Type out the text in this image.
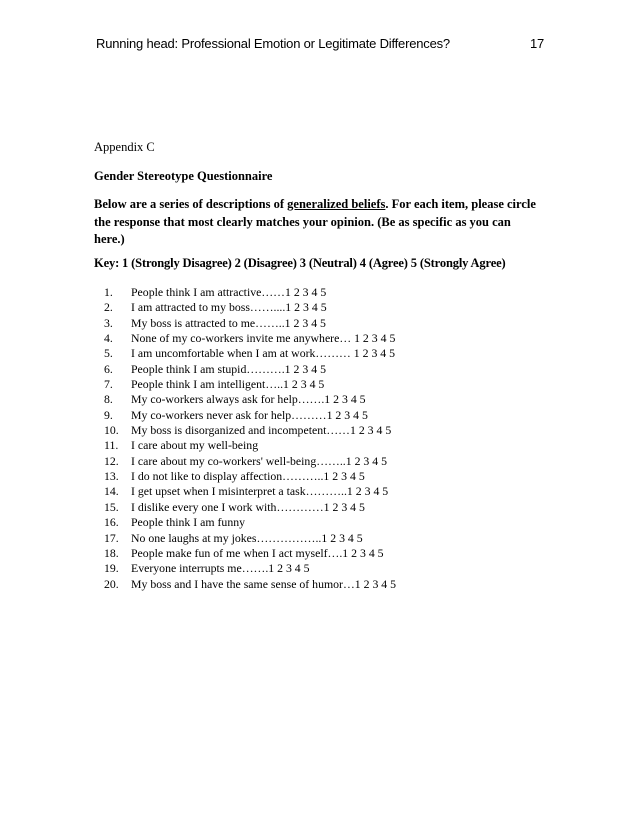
Running head: Professional Emotion or Legitimate Differences?	17
Appendix C
Gender Stereotype Questionnaire
Below are a series of descriptions of generalized beliefs. For each item, please circle
the response that most clearly matches your opinion. (Be as specific as you can
here.)
Key: 1 (Strongly Disagree) 2 (Disagree) 3 (Neutral) 4 (Agree) 5 (Strongly Agree)
1.	People think I am attractive……1 2 3 4 5
2.	I am attracted to my boss……....1 2 3 4 5
3.	My boss is attracted to me……..1 2 3 4 5
4.	None of my co-workers invite me anywhere… 1 2 3 4 5
5.	I am uncomfortable when I am at work……… 1 2 3 4 5
6.	People think I am stupid……….1 2 3 4 5
7.	People think I am intelligent…..1 2 3 4 5
8.	My co-workers always ask for help…….1 2 3 4 5
9.	My co-workers never ask for help………1 2 3 4 5
10.	My boss is disorganized and incompetent……1 2 3 4 5
11.	I care about my well-being
12.	I care about my co-workers' well-being……..1 2 3 4 5
13.	I do not like to display affection………..1 2 3 4 5
14.	I get upset when I misinterpret a task………..1 2 3 4 5
15.	I dislike every one I work with…………1 2 3 4 5
16.	People think I am funny
17.	No one laughs at my jokes……………..1 2 3 4 5
18.	People make fun of me when I act myself….1 2 3 4 5
19.	Everyone interrupts me…….1 2 3 4 5
20.	My boss and I have the same sense of humor…1 2 3 4 5
